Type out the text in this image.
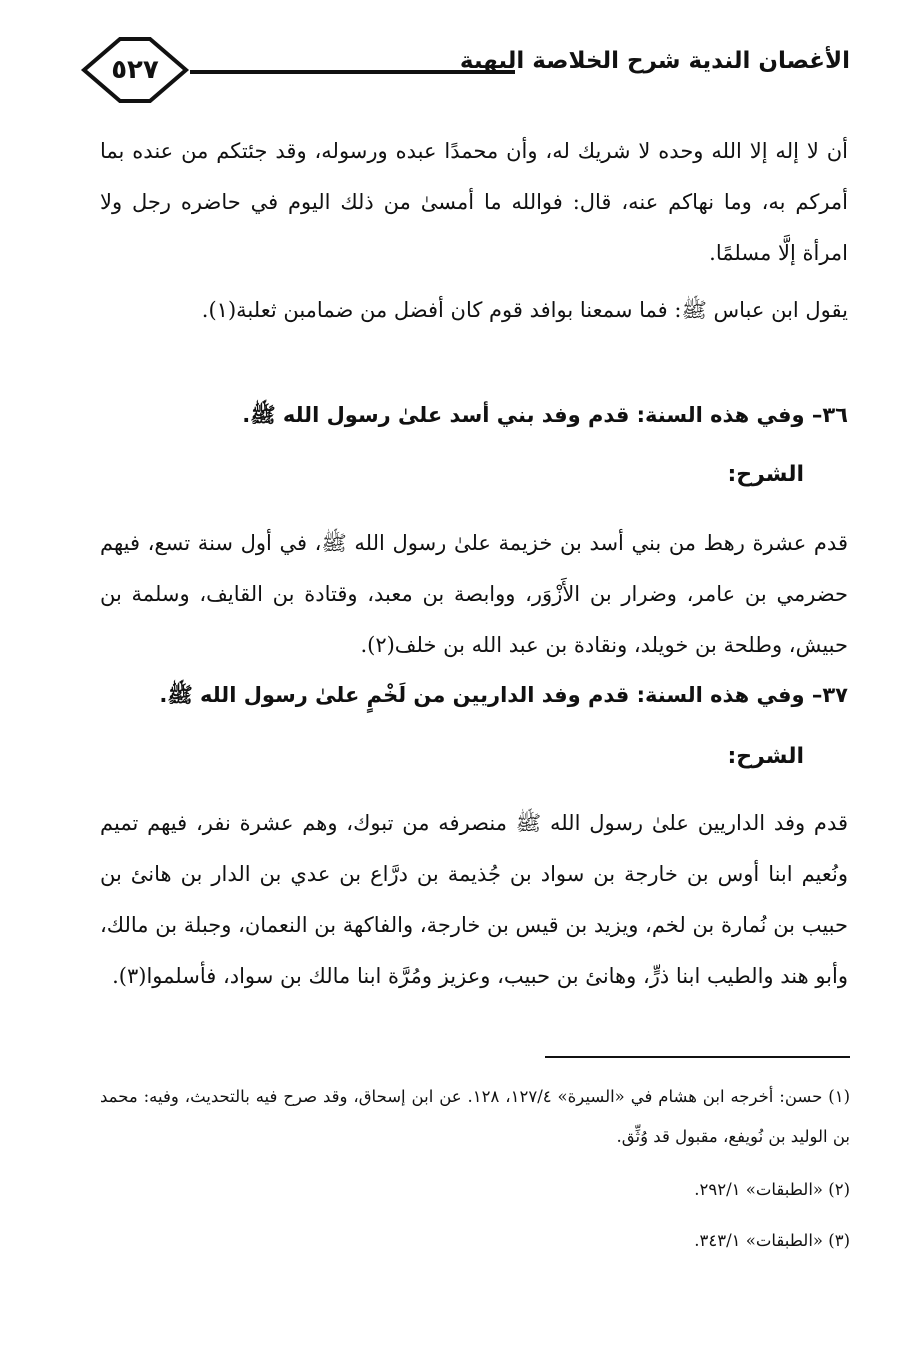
٥٢٧	الأغصان الندية شرح الخلاصة البهية

أن لا إله إلا الله وحده لا شريك له، وأن محمدًا عبده ورسوله، وقد جئتكم من عنده بما أمركم به، وما نهاكم عنه، قال: فوالله ما أمسىٰ من ذلك اليوم في حاضره رجل ولا امرأة إلَّا مسلمًا.

يقول ابن عباس ﷺ: فما سمعنا بوافد قوم كان أفضل من ضمامبن ثعلبة(١).

٣٦– وفي هذه السنة: قدم وفد بني أسد علىٰ رسول الله ﷺ.

الشرح:

قدم عشرة رهط من بني أسد بن خزيمة علىٰ رسول الله ﷺ، في أول سنة تسع، فيهم حضرمي بن عامر، وضرار بن الأَزْوَر، ووابصة بن معبد، وقتادة بن القايف، وسلمة بن حبيش، وطلحة بن خويلد، ونقادة بن عبد الله بن خلف(٢).

٣٧– وفي هذه السنة: قدم وفد الداريين من لَخْمٍ علىٰ رسول الله ﷺ.

الشرح:

قدم وفد الداريين علىٰ رسول الله ﷺ منصرفه من تبوك، وهم عشرة نفر، فيهم تميم ونُعيم ابنا أوس بن خارجة بن سواد بن جُذيمة بن درَّاع بن عدي بن الدار بن هانئ بن حبيب بن نُمارة بن لخم، ويزيد بن قيس بن خارجة، والفاكهة بن النعمان، وجبلة بن مالك، وأبو هند والطيب ابنا ذرٍّ، وهانئ بن حبيب، وعزيز ومُرَّة ابنا مالك بن سواد، فأسلموا(٣).

(١) حسن: أخرجه ابن هشام في «السيرة» ٤/‏١٢٧، ١٢٨. عن ابن إسحاق، وقد صرح فيه بالتحديث، وفيه: محمد بن الوليد بن نُويفع، مقبول قد وُثِّق.

(٢) «الطبقات» ١/‏٢٩٢.

(٣) «الطبقات» ١/‏٣٤٣.
